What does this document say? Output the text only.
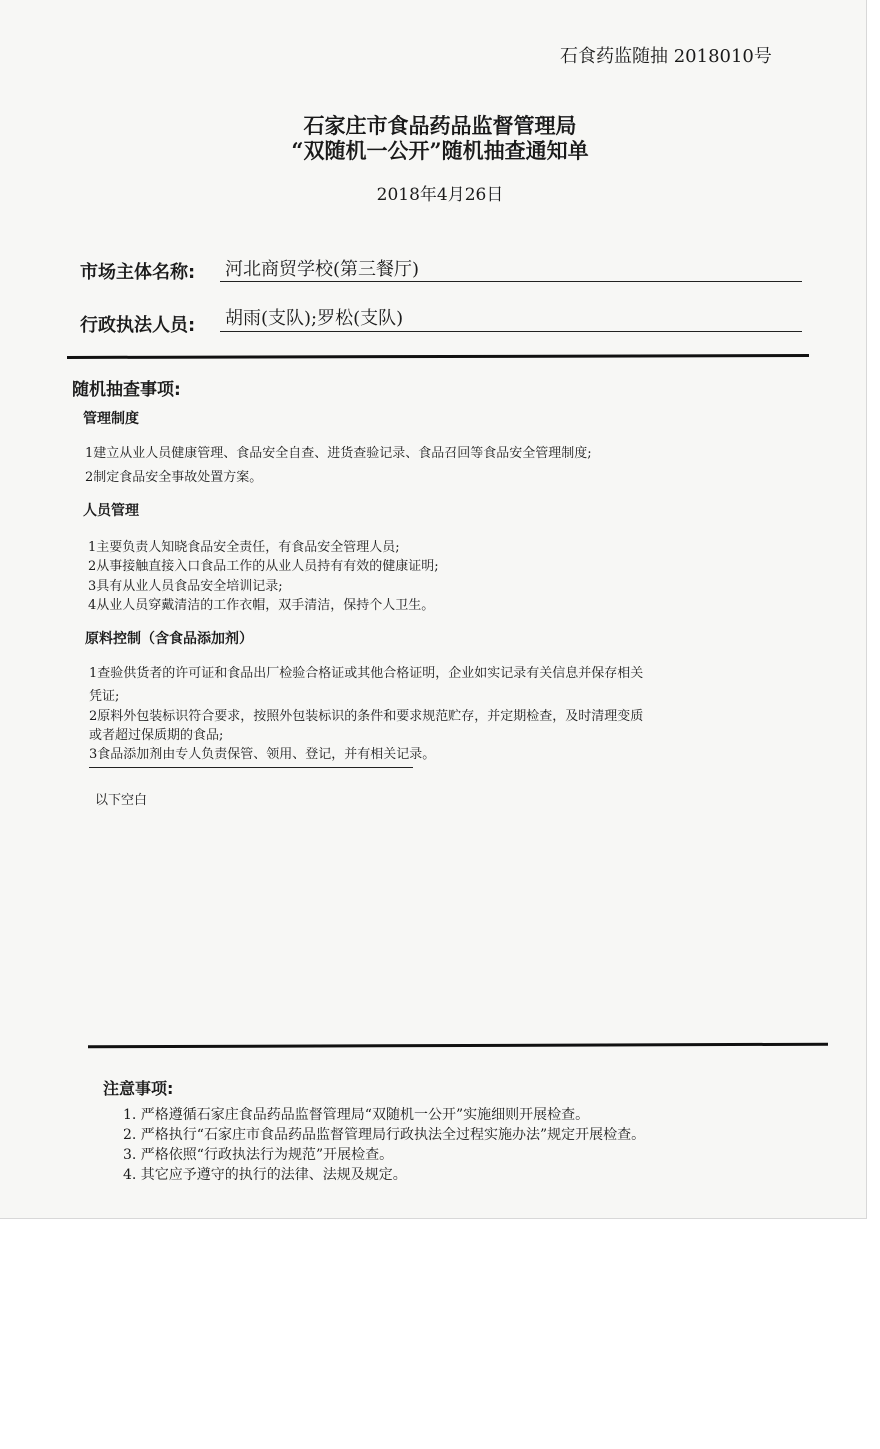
石食药监随抽 2018010号
石家庄市食品药品监督管理局
“双随机一公开”随机抽查通知单
2018年4月26日
市场主体名称: 河北商贸学校(第三餐厅)
行政执法人员: 胡雨(支队);罗松(支队)
随机抽查事项:
管理制度
1建立从业人员健康管理、食品安全自查、进货查验记录、食品召回等食品安全管理制度;
2制定食品安全事故处置方案。
人员管理
1主要负责人知晓食品安全责任，有食品安全管理人员;
2从事接触直接入口食品工作的从业人员持有有效的健康证明;
3具有从业人员食品安全培训记录;
4从业人员穿戴清洁的工作衣帽，双手清洁，保持个人卫生。
原料控制（含食品添加剂）
1查验供货者的许可证和食品出厂检验合格证或其他合格证明，企业如实记录有关信息并保存相关
凭证;
2原料外包装标识符合要求，按照外包装标识的条件和要求规范贮存，并定期检查，及时清理变质
或者超过保质期的食品;
3食品添加剂由专人负责保管、领用、登记，并有相关记录。
以下空白
注意事项:
1. 严格遵循石家庄食品药品监督管理局“双随机一公开”实施细则开展检查。
2. 严格执行“石家庄市食品药品监督管理局行政执法全过程实施办法”规定开展检查。
3. 严格依照“行政执法行为规范”开展检查。
4. 其它应予遵守的执行的法律、法规及规定。
